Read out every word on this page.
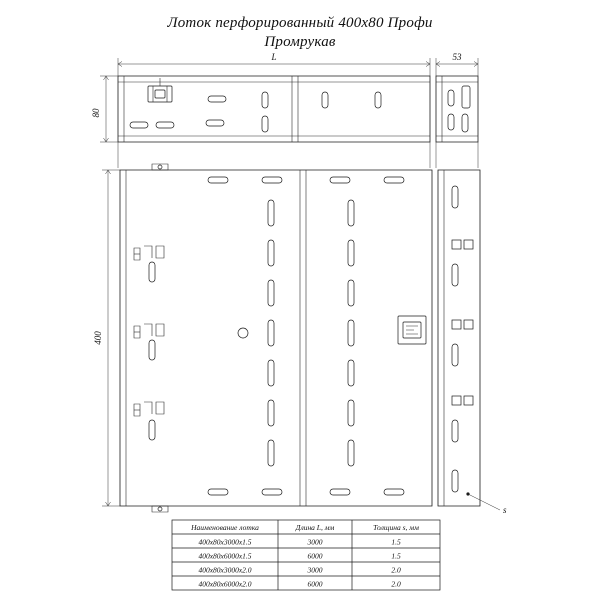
Лоток перфорированный 400x80 Профи
Промрукав
80
L	53
s
400
Наименование лотка	Длина L, мм	Толщина s, мм
400х80х3000х1.5	3000	1.5
400х80х6000х1.5	6000	1.5
400х80х3000х2.0	3000	2.0
400х80х6000х2.0	6000	2.0
